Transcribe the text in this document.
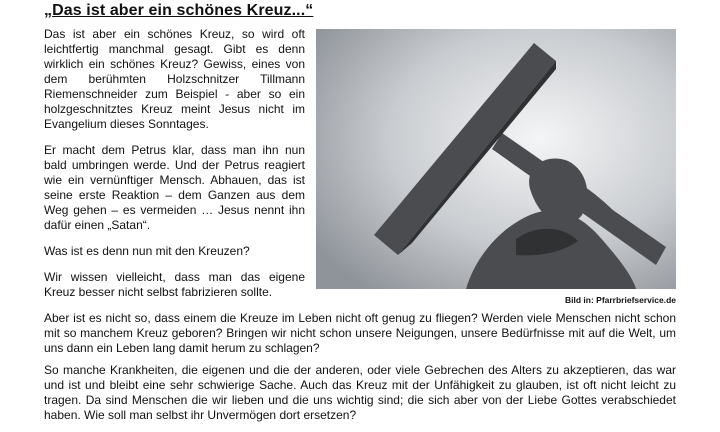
„Das ist aber ein schönes Kreuz...“

Das ist aber ein schönes Kreuz, so wird oft leichtfertig manchmal gesagt. Gibt es denn wirklich ein schönes Kreuz? Gewiss, eines von dem berühmten Holzschnitzer Tillmann Riemenschneider zum Beispiel - aber so ein holzgeschnitztes Kreuz meint Jesus nicht im Evangelium dieses Sonntages.

Er macht dem Petrus klar, dass man ihn nun bald umbringen werde. Und der Petrus reagiert wie ein vernünftiger Mensch. Abhauen, das ist seine erste Reaktion – dem Ganzen aus dem Weg gehen – es vermeiden … Jesus nennt ihn dafür einen „Satan“.

Was ist es denn nun mit den Kreuzen?

Wir wissen vielleicht, dass man das eigene Kreuz besser nicht selbst fabrizieren sollte.

Bild in: Pfarrbriefservice.de

Aber ist es nicht so, dass einem die Kreuze im Leben nicht oft genug zu fliegen? Werden viele Menschen nicht schon mit so manchem Kreuz geboren? Bringen wir nicht schon unsere Neigungen, unsere Bedürfnisse mit auf die Welt, um uns dann ein Leben lang damit herum zu schlagen?

So manche Krankheiten, die eigenen und die der anderen, oder viele Gebrechen des Alters zu akzeptieren, das war und ist und bleibt eine sehr schwierige Sache. Auch das Kreuz mit der Unfähigkeit zu glauben, ist oft nicht leicht zu tragen. Da sind Menschen die wir lieben und die uns wichtig sind; die sich aber von der Liebe Gottes verabschiedet haben. Wie soll man selbst ihr Unvermögen dort ersetzen?
